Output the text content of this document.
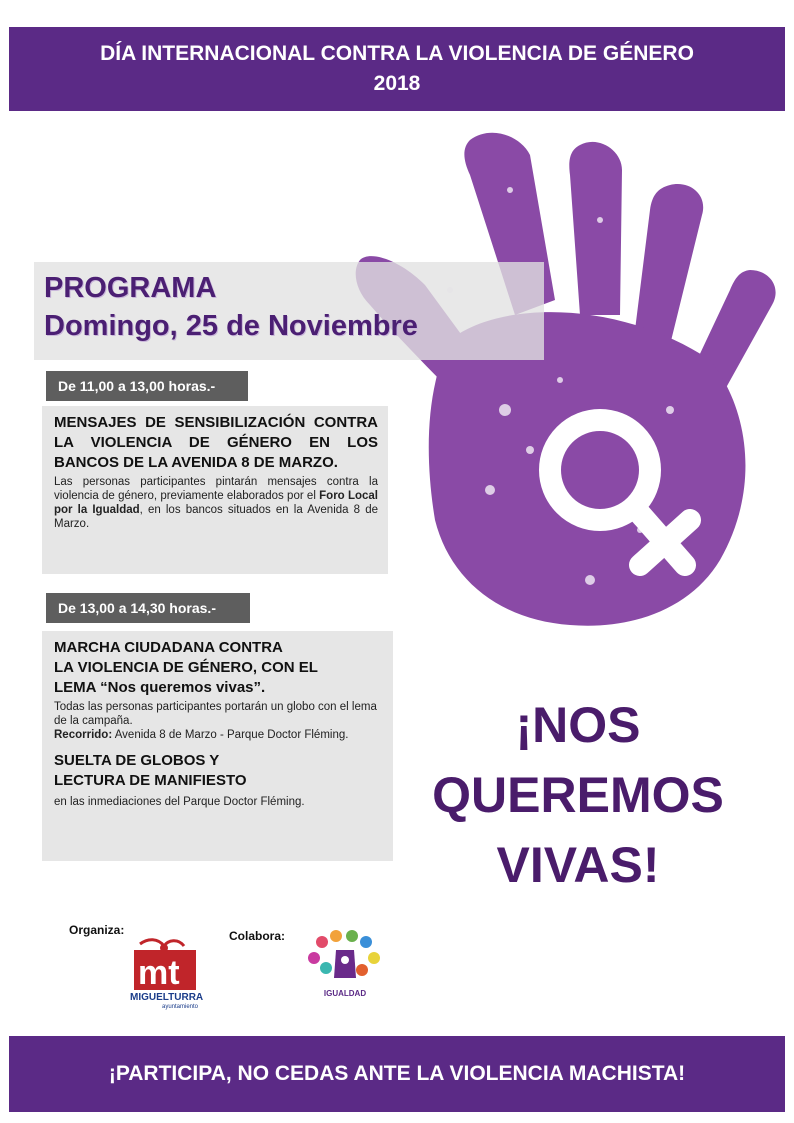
DÍA INTERNACIONAL CONTRA LA VIOLENCIA DE GÉNERO
2018
PROGRAMA
Domingo, 25 de Noviembre
De 11,00 a 13,00 horas.-
MENSAJES DE SENSIBILIZACIÓN CONTRA LA VIOLENCIA DE GÉNERO EN LOS BANCOS DE LA AVENIDA 8 DE MARZO.
Las personas participantes pintarán mensajes contra la violencia de género, previamente elaborados por el Foro Local por la Igualdad, en los bancos situados en la Avenida 8 de Marzo.
De 13,00 a 14,30 horas.-
MARCHA CIUDADANA CONTRA
LA VIOLENCIA DE GÉNERO, CON EL
LEMA “Nos queremos vivas”.
Todas las personas participantes portarán un globo con el lema de la campaña.
Recorrido: Avenida 8 de Marzo - Parque Doctor Fléming.
SUELTA DE GLOBOS Y
LECTURA DE MANIFIESTO
en las inmediaciones del Parque Doctor Fléming.
¡NOS
QUEREMOS
VIVAS!
Organiza:	Colabora:
mt
MIGUELTURRA
ayuntamiento
IGUALDAD
¡PARTICIPA, NO CEDAS ANTE LA VIOLENCIA MACHISTA!
